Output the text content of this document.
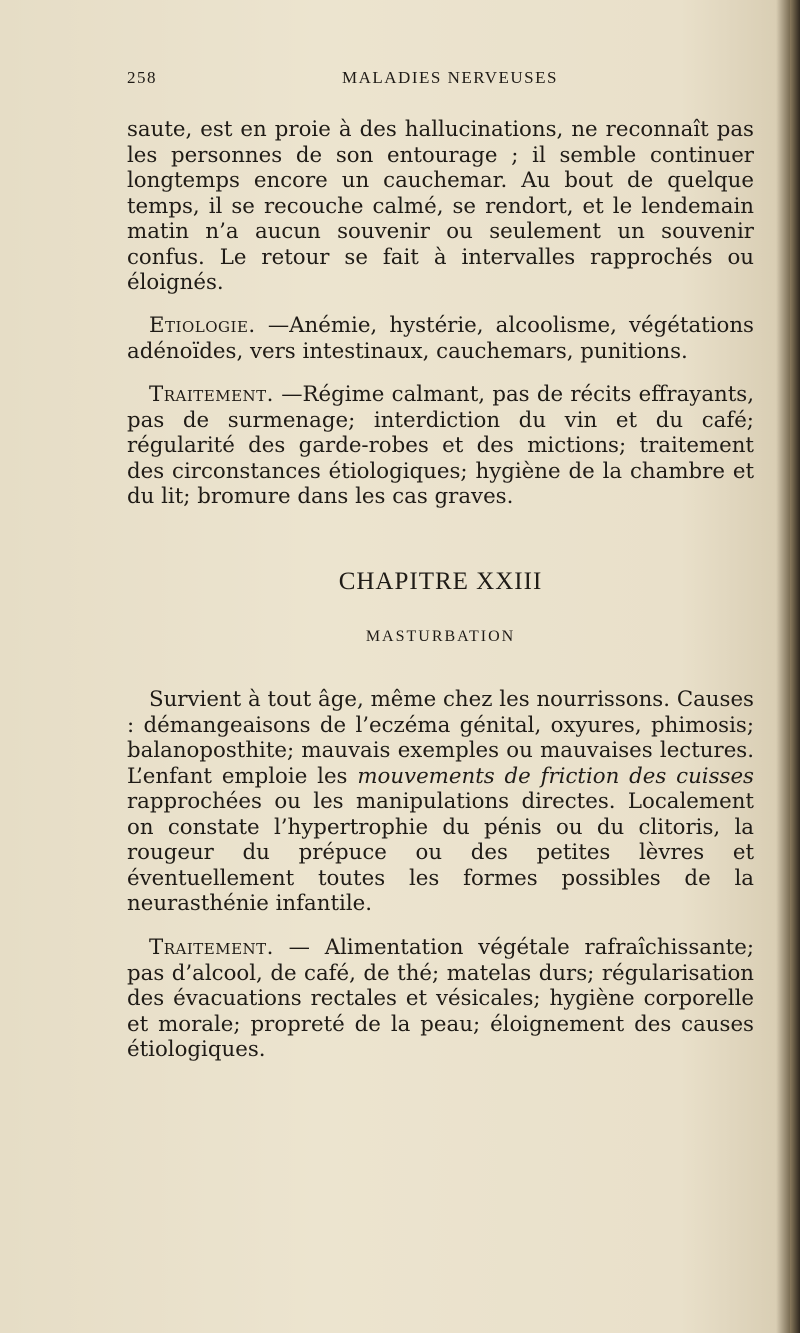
258	MALADIES NERVEUSES

saute, est en proie à des hallucinations, ne reconnaît pas les personnes de son entourage ; il semble continuer longtemps encore un cauchemar. Au bout de quelque temps, il se recouche calmé, se rendort, et le lendemain matin n’a aucun souvenir ou seulement un souvenir confus. Le retour se fait à intervalles rapprochés ou éloignés.

Etiologie. —Anémie, hystérie, alcoolisme, végétations adénoïdes, vers intestinaux, cauchemars, punitions.

Traitement. —Régime calmant, pas de récits effrayants, pas de surmenage; interdiction du vin et du café; régularité des garde-robes et des mictions; traitement des circonstances étiologiques; hygiène de la chambre et du lit; bromure dans les cas graves.

CHAPITRE XXIII
MASTURBATION

Survient à tout âge, même chez les nourrissons. Causes : démangeaisons de l’eczéma génital, oxyures, phimosis; balanoposthite; mauvais exemples ou mauvaises lectures. L’enfant emploie les mouvements de friction des cuisses rapprochées ou les manipulations directes. Localement on constate l’hypertrophie du pénis ou du clitoris, la rougeur du prépuce ou des petites lèvres et éventuellement toutes les formes possibles de la neurasthénie infantile.

Traitement. — Alimentation végétale rafraîchissante; pas d’alcool, de café, de thé; matelas durs; régularisation des évacuations rectales et vésicales; hygiène corporelle et morale; propreté de la peau; éloignement des causes étiologiques.
